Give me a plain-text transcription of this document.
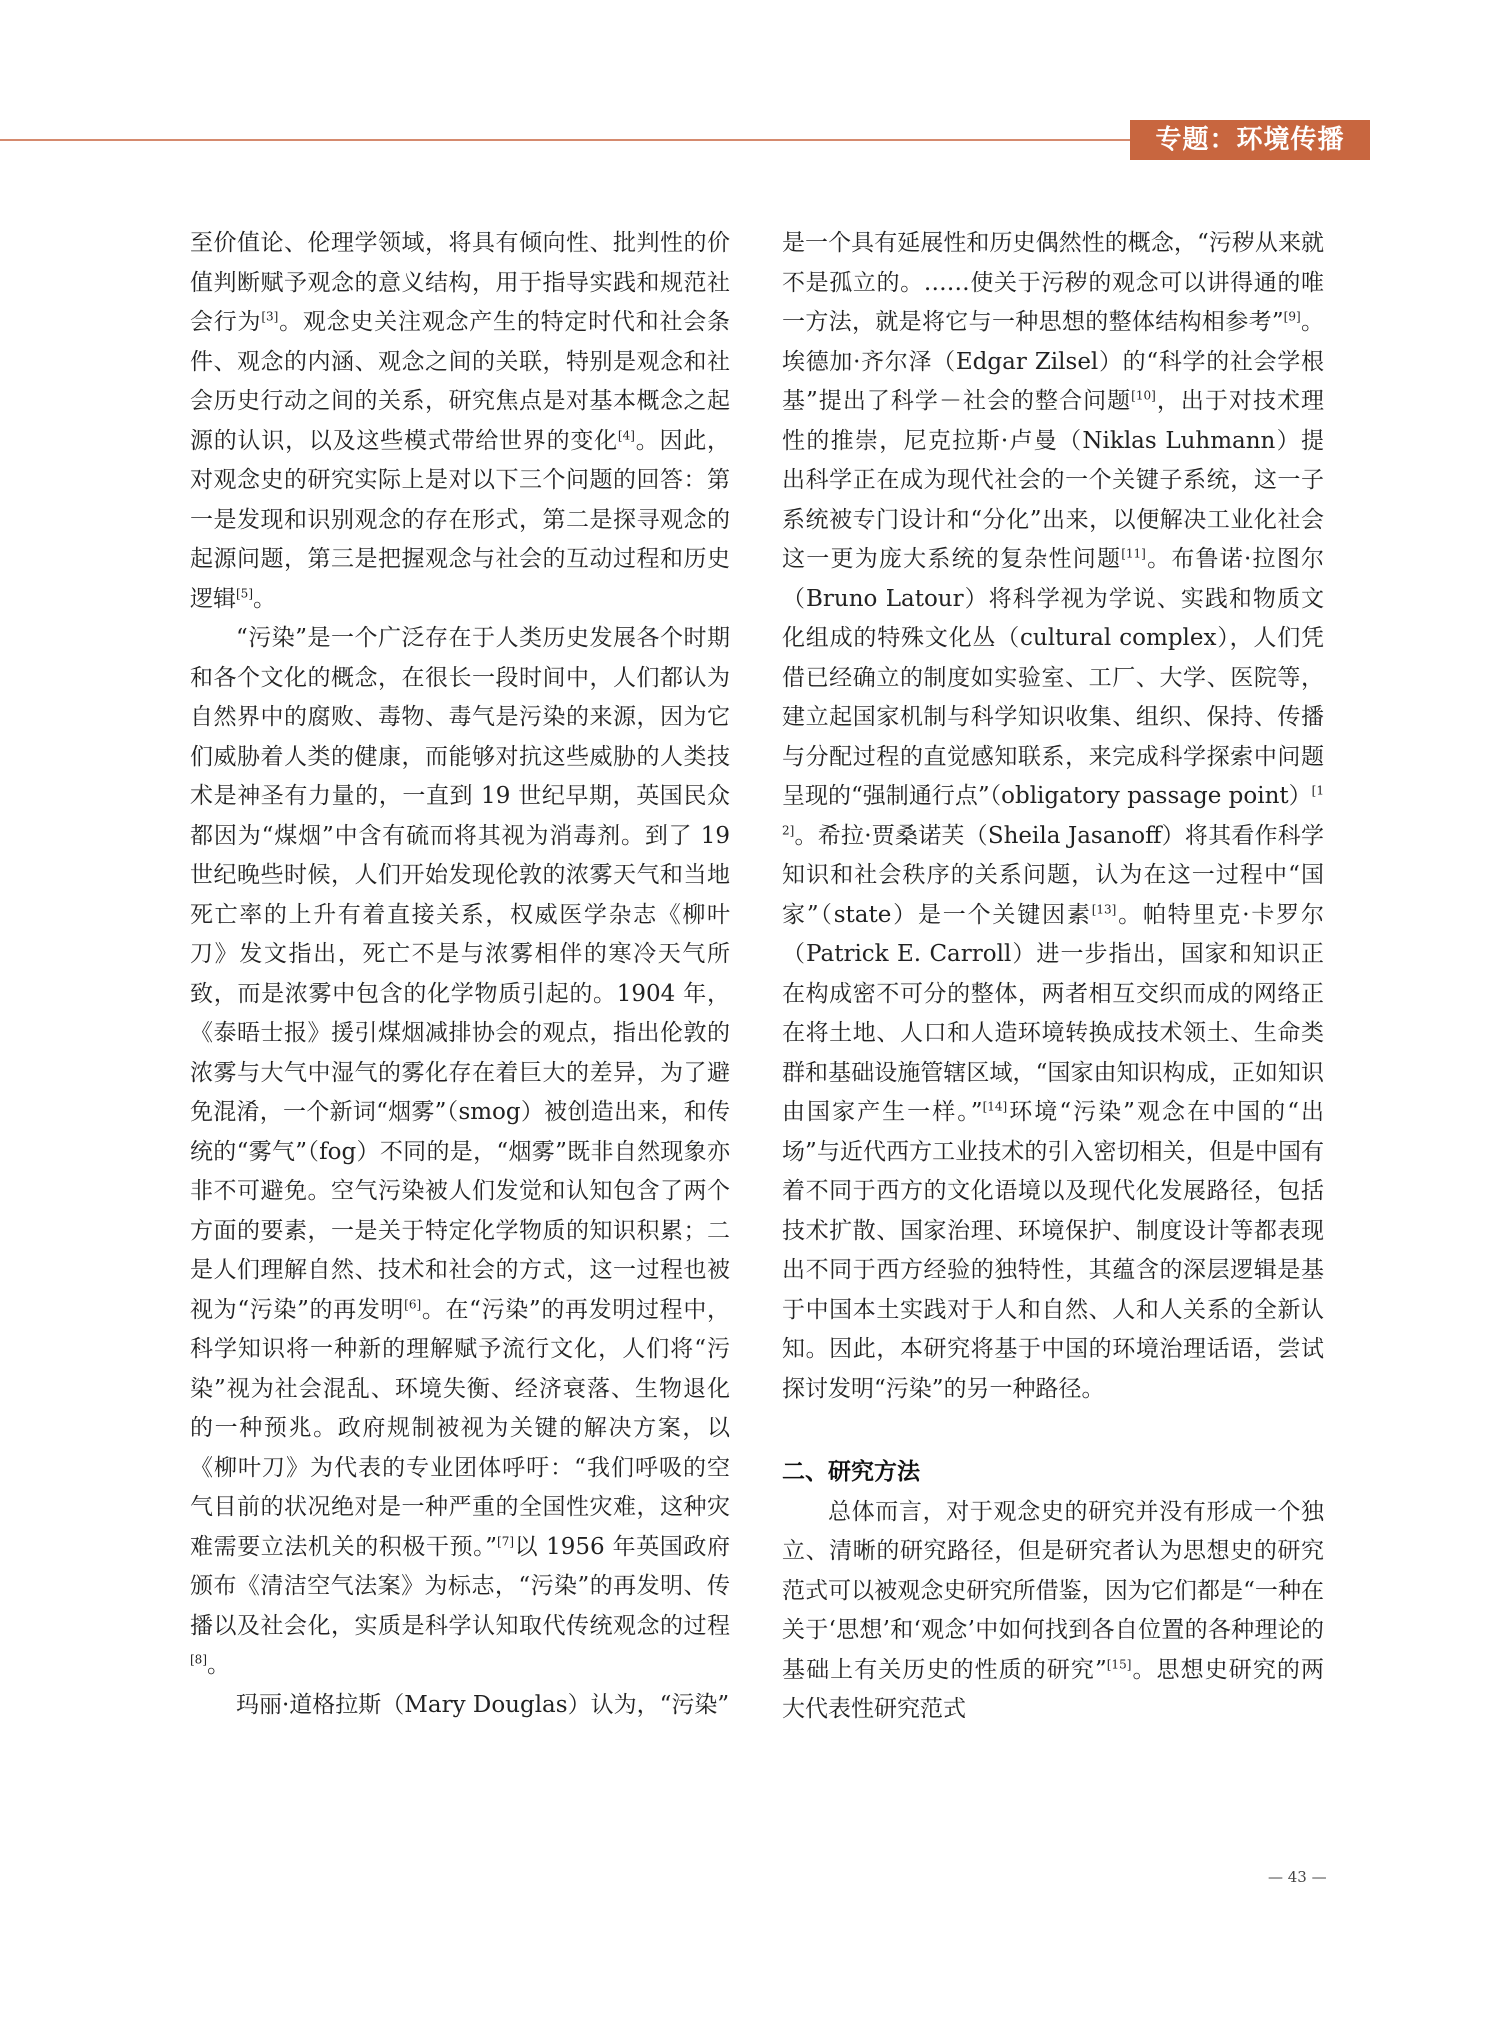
专题：环境传播

至价值论、伦理学领域，将具有倾向性、批判性的价值判断赋予观念的意义结构，用于指导实践和规范社会行为[3]。观念史关注观念产生的特定时代和社会条件、观念的内涵、观念之间的关联，特别是观念和社会历史行动之间的关系，研究焦点是对基本概念之起源的认识，以及这些模式带给世界的变化[4]。因此，对观念史的研究实际上是对以下三个问题的回答：第一是发现和识别观念的存在形式，第二是探寻观念的起源问题，第三是把握观念与社会的互动过程和历史逻辑[5]。

“污染”是一个广泛存在于人类历史发展各个时期和各个文化的概念，在很长一段时间中，人们都认为自然界中的腐败、毒物、毒气是污染的来源，因为它们威胁着人类的健康，而能够对抗这些威胁的人类技术是神圣有力量的，一直到 19 世纪早期，英国民众都因为“煤烟”中含有硫而将其视为消毒剂。到了 19 世纪晚些时候，人们开始发现伦敦的浓雾天气和当地死亡率的上升有着直接关系，权威医学杂志《柳叶刀》发文指出，死亡不是与浓雾相伴的寒冷天气所致，而是浓雾中包含的化学物质引起的。1904 年，《泰晤士报》援引煤烟减排协会的观点，指出伦敦的浓雾与大气中湿气的雾化存在着巨大的差异，为了避免混淆，一个新词“烟雾”（smog）被创造出来，和传统的“雾气”（fog）不同的是，“烟雾”既非自然现象亦非不可避免。空气污染被人们发觉和认知包含了两个方面的要素，一是关于特定化学物质的知识积累；二是人们理解自然、技术和社会的方式，这一过程也被视为“污染”的再发明[6]。在“污染”的再发明过程中，科学知识将一种新的理解赋予流行文化，人们将“污染”视为社会混乱、环境失衡、经济衰落、生物退化的一种预兆。政府规制被视为关键的解决方案，以《柳叶刀》为代表的专业团体呼吁：“我们呼吸的空气目前的状况绝对是一种严重的全国性灾难，这种灾难需要立法机关的积极干预。”[7]以 1956 年英国政府颁布《清洁空气法案》为标志，“污染”的再发明、传播以及社会化，实质是科学认知取代传统观念的过程[8]。

玛丽·道格拉斯（Mary Douglas）认为，“污染”

是一个具有延展性和历史偶然性的概念，“污秽从来就不是孤立的。……使关于污秽的观念可以讲得通的唯一方法，就是将它与一种思想的整体结构相参考”[9]。埃德加·齐尔泽（Edgar Zilsel）的“科学的社会学根基”提出了科学－社会的整合问题[10]，出于对技术理性的推崇，尼克拉斯·卢曼（Niklas Luhmann）提出科学正在成为现代社会的一个关键子系统，这一子系统被专门设计和“分化”出来，以便解决工业化社会这一更为庞大系统的复杂性问题[11]。布鲁诺·拉图尔（Bruno Latour）将科学视为学说、实践和物质文化组成的特殊文化丛（cultural complex），人们凭借已经确立的制度如实验室、工厂、大学、医院等，建立起国家机制与科学知识收集、组织、保持、传播与分配过程的直觉感知联系，来完成科学探索中问题呈现的“强制通行点”（obligatory passage point）[12]。希拉·贾桑诺芙（Sheila Jasanoff）将其看作科学知识和社会秩序的关系问题，认为在这一过程中“国家”（state）是一个关键因素[13]。帕特里克·卡罗尔（Patrick E. Carroll）进一步指出，国家和知识正在构成密不可分的整体，两者相互交织而成的网络正在将土地、人口和人造环境转换成技术领土、生命类群和基础设施管辖区域，“国家由知识构成，正如知识由国家产生一样。”[14]环境“污染”观念在中国的“出场”与近代西方工业技术的引入密切相关，但是中国有着不同于西方的文化语境以及现代化发展路径，包括技术扩散、国家治理、环境保护、制度设计等都表现出不同于西方经验的独特性，其蕴含的深层逻辑是基于中国本土实践对于人和自然、人和人关系的全新认知。因此，本研究将基于中国的环境治理话语，尝试探讨发明“污染”的另一种路径。

二、研究方法

总体而言，对于观念史的研究并没有形成一个独立、清晰的研究路径，但是研究者认为思想史的研究范式可以被观念史研究所借鉴，因为它们都是“一种在关于‘思想’和‘观念’中如何找到各自位置的各种理论的基础上有关历史的性质的研究”[15]。思想史研究的两大代表性研究范式

— 43 —
